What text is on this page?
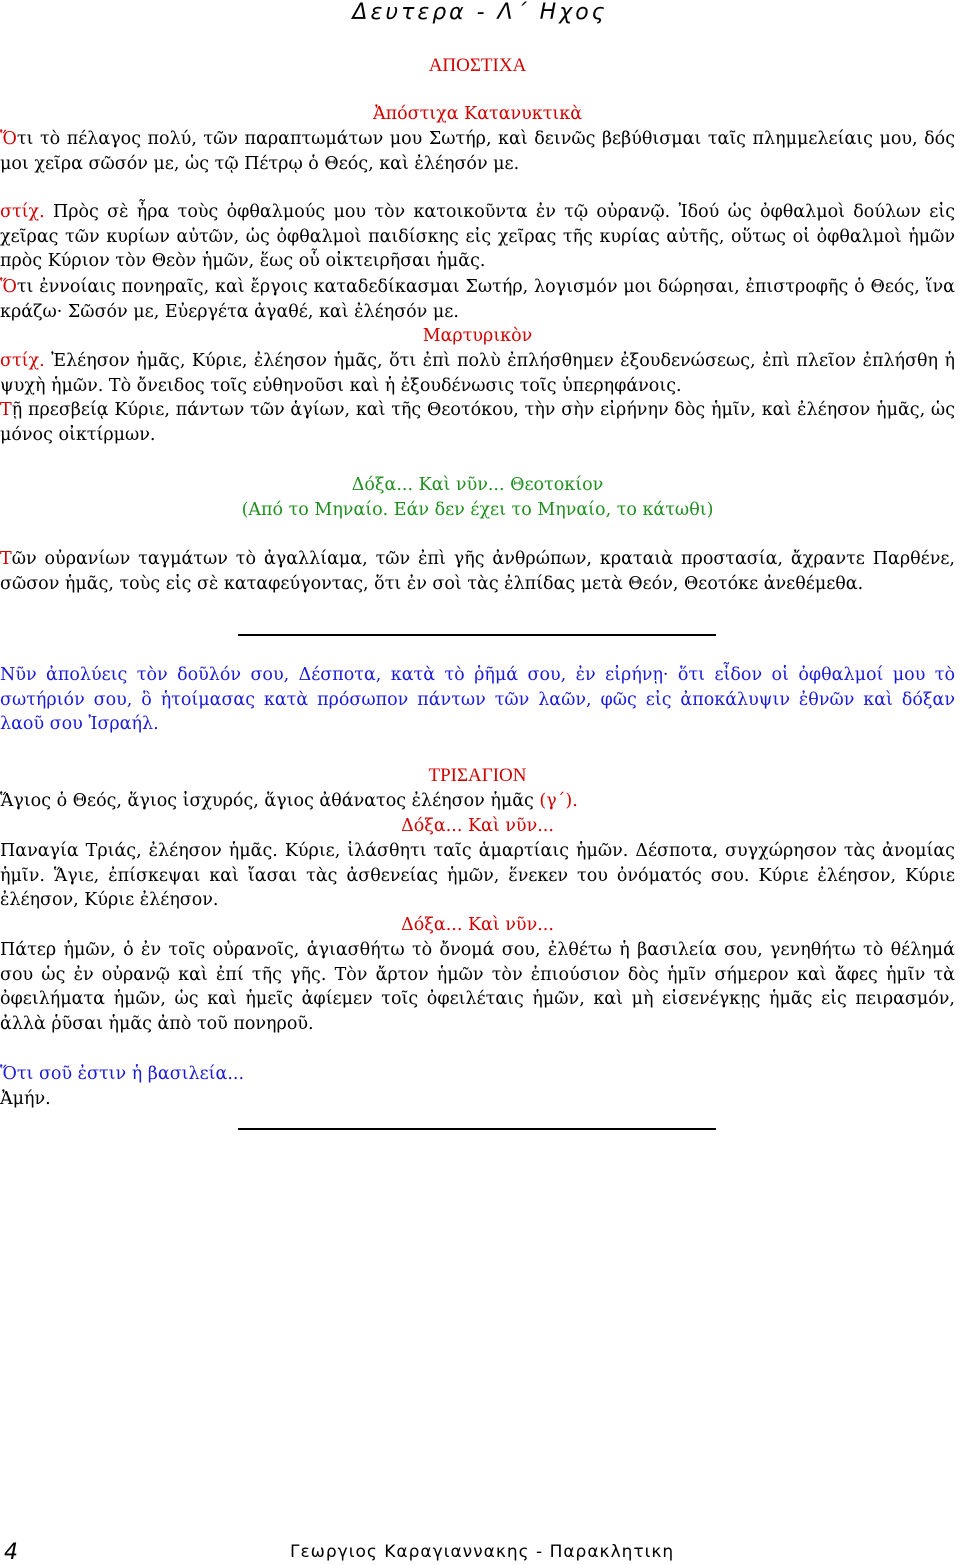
Δευτερα - Λ΄ Ηχος
ΑΠΟΣΤΙΧΑ
Ἀπόστιχα Κατανυκτικὰ
Ὅτι τὸ πέλαγος πολύ, τῶν παραπτωμάτων μου Σωτήρ, καὶ δεινῶς βεβύθισμαι ταῖς πλημμελείαις μου, δός μοι χεῖρα σῶσόν με, ὡς τῷ Πέτρῳ ὁ Θεός, καὶ ἐλέησόν με.
στίχ. Πρὸς σὲ ἦρα τοὺς ὀφθαλμούς μου τὸν κατοικοῦντα ἐν τῷ οὐρανῷ. Ἰδού ὡς ὀφθαλμοὶ δούλων εἰς χεῖρας τῶν κυρίων αὐτῶν, ὡς ὀφθαλμοὶ παιδίσκης εἰς χεῖρας τῆς κυρίας αὐτῆς, οὕτως οἱ ὀφθαλμοὶ ἡμῶν πρὸς Κύριον τὸν Θεὸν ἡμῶν, ἕως οὗ οἰκτειρῆσαι ἡμᾶς.
Ὅτι ἐννοίαις πονηραῖς, καὶ ἔργοις καταδεδίκασμαι Σωτήρ, λογισμόν μοι δώρησαι, ἐπιστροφῆς ὁ Θεός, ἵνα κράζω· Σῶσόν με, Εὐεργέτα ἀγαθέ, καὶ ἐλέησόν με.
Μαρτυρικὸν
στίχ. Ἐλέησον ἡμᾶς, Κύριε, ἐλέησον ἡμᾶς, ὅτι ἐπὶ πολὺ ἐπλήσθημεν ἐξουδενώσεως, ἐπὶ πλεῖον ἐπλήσθη ἡ ψυχὴ ἡμῶν. Τὸ ὄνειδος τοῖς εὐθηνοῦσι καὶ ἡ ἐξουδένωσις τοῖς ὑπερηφάνοις.
Τῇ πρεσβείᾳ Κύριε, πάντων τῶν ἁγίων, καὶ τῆς Θεοτόκου, τὴν σὴν εἰρήνην δὸς ἡμῖν, καὶ ἐλέησον ἡμᾶς, ὡς μόνος οἰκτίρμων.
Δόξα... Καὶ νῦν... Θεοτοκίον
(Από το Μηναίο. Εάν δεν έχει το Μηναίο, το κάτωθι)
Τῶν οὐρανίων ταγμάτων τὸ ἀγαλλίαμα, τῶν ἐπὶ γῆς ἀνθρώπων, κραταιὰ προστασία, ἄχραντε Παρθένε, σῶσον ἡμᾶς, τοὺς εἰς σὲ καταφεύγοντας, ὅτι ἐν σοὶ τὰς ἐλπίδας μετὰ Θεόν, Θεοτόκε ἀνεθέμεθα.
Νῦν ἀπολύεις τὸν δοῦλόν σου, Δέσποτα, κατὰ τὸ ῥῆμά σου, ἐν εἰρήνῃ· ὅτι εἶδον οἱ ὀφθαλμοί μου τὸ σωτήριόν σου, ὃ ἡτοίμασας κατὰ πρόσωπον πάντων τῶν λαῶν, φῶς εἰς ἀποκάλυψιν ἐθνῶν καὶ δόξαν λαοῦ σου Ἰσραήλ.
ΤΡΙΣΑΓΙΟΝ
Ἅγιος ὁ Θεός, ἅγιος ἰσχυρός, ἅγιος ἀθάνατος ἐλέησον ἡμᾶς (γ΄).
Δόξα... Καὶ νῦν...
Παναγία Τριάς, ἐλέησον ἡμᾶς. Κύριε, ἱλάσθητι ταῖς ἁμαρτίαις ἡμῶν. Δέσποτα, συγχώρησον τὰς ἀνομίας ἡμῖν. Ἅγιε, ἐπίσκεψαι καὶ ἴασαι τὰς ἀσθενείας ἡμῶν, ἕνεκεν του ὀνόματός σου. Κύριε ἐλέησον, Κύριε ἐλέησον, Κύριε ἐλέησον.
Δόξα... Καὶ νῦν...
Πάτερ ἡμῶν, ὁ ἐν τοῖς οὐρανοῖς, ἁγιασθήτω τὸ ὄνομά σου, ἐλθέτω ἡ βασιλεία σου, γενηθήτω τὸ θέλημά σου ὡς ἐν οὐρανῷ καὶ ἐπί τῆς γῆς. Τὸν ἄρτον ἡμῶν τὸν ἐπιούσιον δὸς ἡμῖν σήμερον καὶ ἄφες ἡμῖν τὰ ὀφειλήματα ἡμῶν, ὡς καὶ ἡμεῖς ἀφίεμεν τοῖς ὀφειλέταις ἡμῶν, καὶ μὴ εἰσενέγκῃς ἡμᾶς εἰς πειρασμόν, ἀλλὰ ῥῦσαι ἡμᾶς ἀπὸ τοῦ πονηροῦ.
Ὅτι σοῦ ἐστιν ἡ βασιλεία...
Ἀμήν.
4	Γεωργιος Καραγιαννακης - Παρακλητικη
